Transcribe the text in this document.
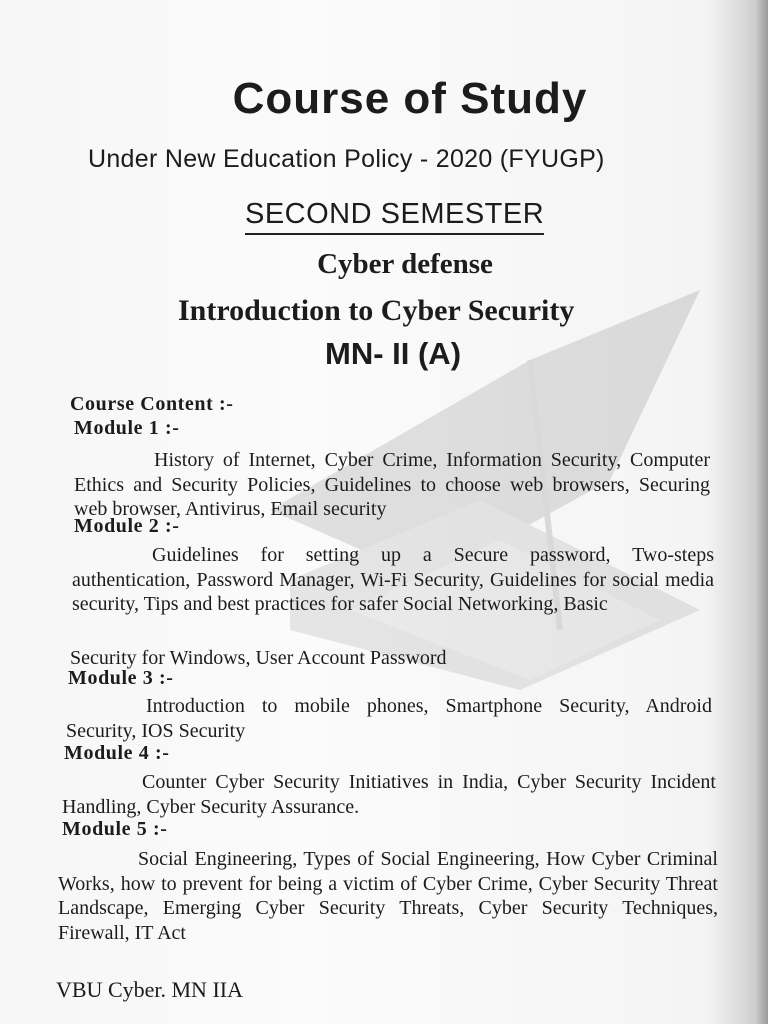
Course of Study
Under New Education Policy - 2020 (FYUGP)
SECOND SEMESTER
Cyber defense
Introduction to Cyber Security
MN- II (A)
Course Content :-
Module 1 :-
History of Internet, Cyber Crime, Information Security, Computer Ethics and Security Policies, Guidelines to choose web browsers, Securing web browser, Antivirus, Email security
Module 2 :-
Guidelines for setting up a Secure password, Two-steps authentication, Password Manager, Wi-Fi Security, Guidelines for social media security, Tips and best practices for safer Social Networking, Basic
Security for Windows, User Account Password
Module 3 :-
Introduction to mobile phones, Smartphone Security, Android Security, IOS Security
Module 4 :-
Counter Cyber Security Initiatives in India, Cyber Security Incident Handling, Cyber Security Assurance.
Module 5 :-
Social Engineering, Types of Social Engineering, How Cyber Criminal Works, how to prevent for being a victim of Cyber Crime, Cyber Security Threat Landscape, Emerging Cyber Security Threats, Cyber Security Techniques, Firewall, IT Act
VBU Cyber. MN IIA
